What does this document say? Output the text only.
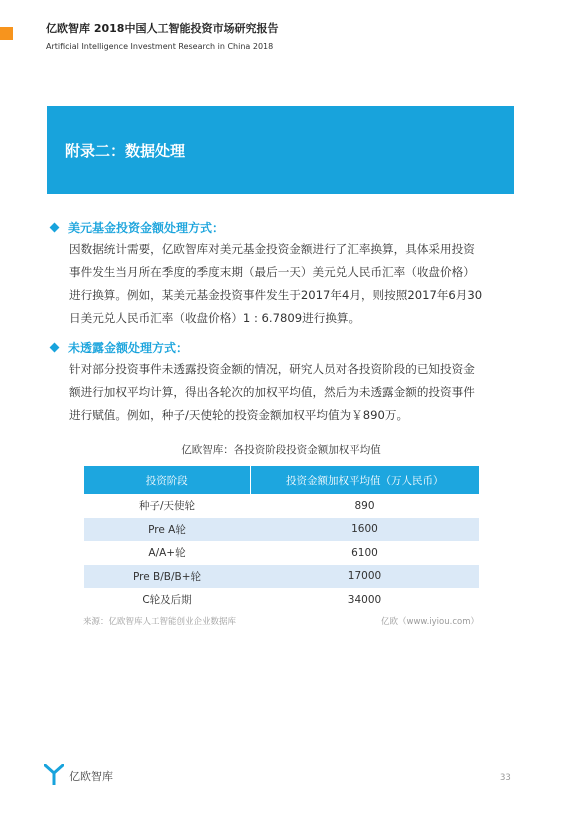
亿欧智库 2018中国人工智能投资市场研究报告
Artificial Intelligence Investment Research in China 2018
附录二：数据处理
美元基金投资金额处理方式：
因数据统计需要，亿欧智库对美元基金投资金额进行了汇率换算，具体采用投资
事件发生当月所在季度的季度末期（最后一天）美元兑人民币汇率（收盘价格）
进行换算。例如，某美元基金投资事件发生于2017年4月，则按照2017年6月30
日美元兑人民币汇率（收盘价格）1 : 6.7809进行换算。
未透露金额处理方式：
针对部分投资事件未透露投资金额的情况，研究人员对各投资阶段的已知投资金
额进行加权平均计算，得出各轮次的加权平均值，然后为未透露金额的投资事件
进行赋值。例如，种子/天使轮的投资金额加权平均值为￥890万。
亿欧智库：各投资阶段投资金额加权平均值
投资阶段	投资金额加权平均值（万人民币）
种子/天使轮	890
Pre A轮	1600
A/A+轮	6100
Pre B/B/B+轮	17000
C轮及后期	34000
来源：亿欧智库人工智能创业企业数据库	亿欧（www.iyiou.com）
亿欧智库	33
